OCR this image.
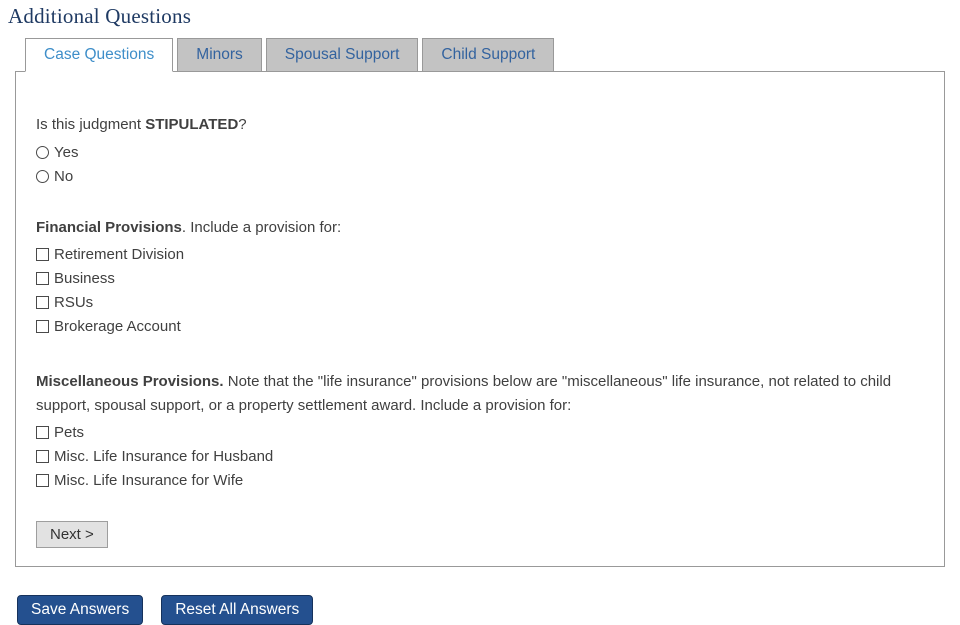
Additional Questions
Case Questions	Minors	Spousal Support	Child Support
Is this judgment STIPULATED?
Yes
No
Financial Provisions. Include a provision for:
Retirement Division
Business
RSUs
Brokerage Account
Miscellaneous Provisions. Note that the "life insurance" provisions below are "miscellaneous" life insurance, not related to child support, spousal support, or a property settlement award. Include a provision for:
Pets
Misc. Life Insurance for Husband
Misc. Life Insurance for Wife
Next >
Save Answers	Reset All Answers
